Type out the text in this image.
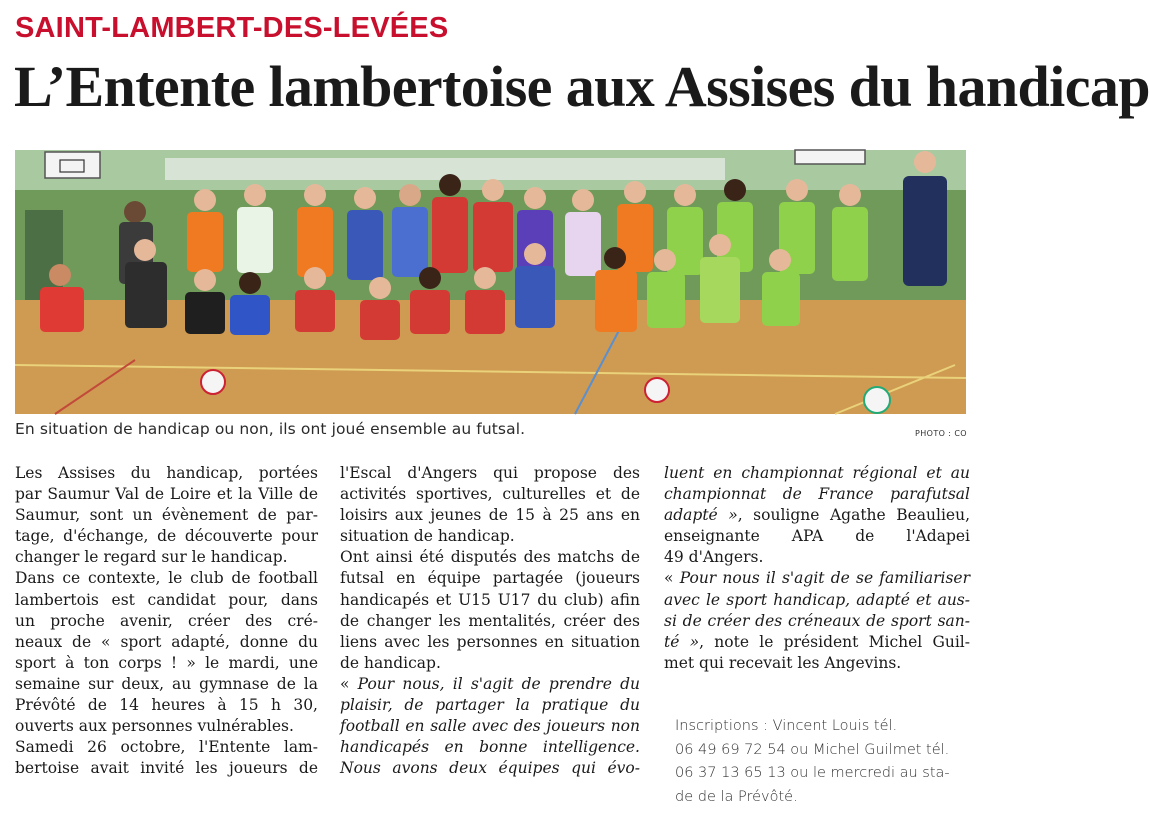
SAINT-LAMBERT-DES-LEVÉES
L’Entente lambertoise aux Assises du handicap
En situation de handicap ou non, ils ont joué ensemble au futsal.	PHOTO : CO
Les Assises du handicap, portées
par Saumur Val de Loire et la Ville de
Saumur, sont un évènement de par-
tage, d'échange, de découverte pour
changer le regard sur le handicap.
Dans ce contexte, le club de football
lambertois est candidat pour, dans
un proche avenir, créer des cré-
neaux de « sport adapté, donne du
sport à ton corps ! » le mardi, une
semaine sur deux, au gymnase de la
Prévôté de 14 heures à 15 h 30,
ouverts aux personnes vulnérables.
Samedi 26 octobre, l'Entente lam-
bertoise avait invité les joueurs de
l'Escal d'Angers qui propose des
activités sportives, culturelles et de
loisirs aux jeunes de 15 à 25 ans en
situation de handicap.
Ont ainsi été disputés des matchs de
futsal en équipe partagée (joueurs
handicapés et U15 U17 du club) afin
de changer les mentalités, créer des
liens avec les personnes en situation
de handicap.
« Pour nous, il s'agit de prendre du
plaisir, de partager la pratique du
football en salle avec des joueurs non
handicapés en bonne intelligence.
Nous avons deux équipes qui évo-
luent en championnat régional et au
championnat de France parafutsal
adapté », souligne Agathe Beaulieu,
enseignante APA de l'Adapei
49 d'Angers.
« Pour nous il s'agit de se familiariser
avec le sport handicap, adapté et aus-
si de créer des créneaux de sport san-
té », note le président Michel Guil-
met qui recevait les Angevins.
Inscriptions : Vincent Louis tél.
06 49 69 72 54 ou Michel Guilmet tél.
06 37 13 65 13 ou le mercredi au sta-
de de la Prévôté.
